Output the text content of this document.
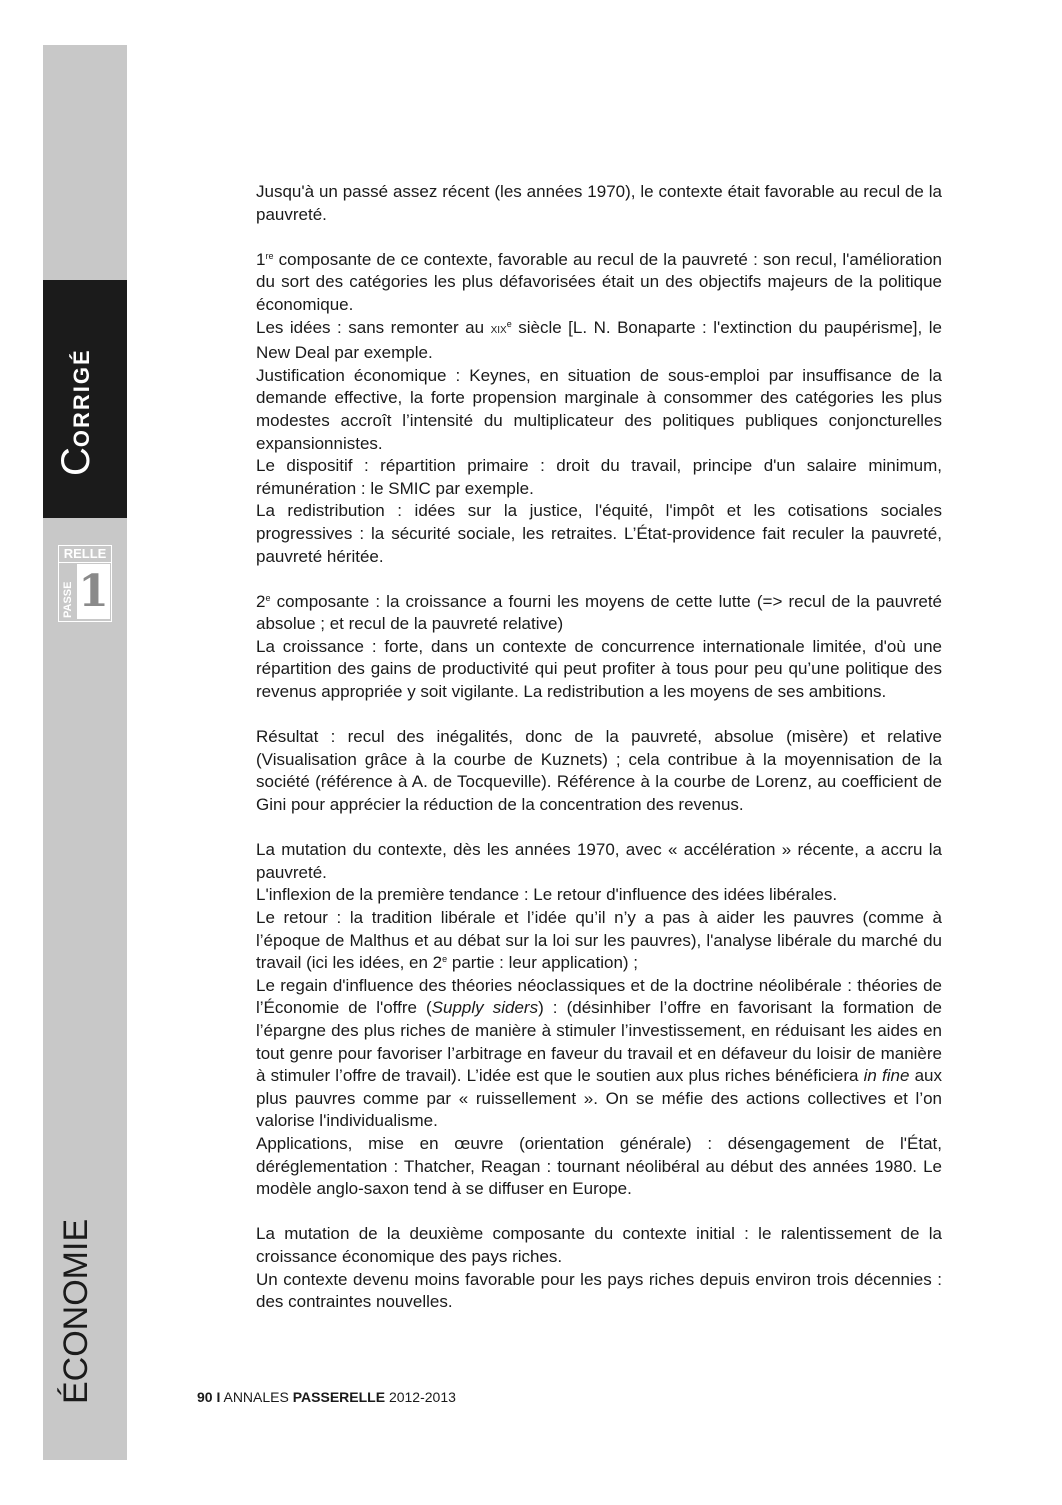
CORRIGÉ
RELLE
PASSE 1
ÉCONOMIE

Jusqu'à un passé assez récent (les années 1970), le contexte était favorable au recul de la pauvreté.

1re composante de ce contexte, favorable au recul de la pauvreté : son recul, l'amélioration du sort des catégories les plus défavorisées était un des objectifs majeurs de la politique économique.

Les idées : sans remonter au XIXe siècle [L. N. Bonaparte : l'extinction du paupérisme], le New Deal par exemple.

Justification économique : Keynes, en situation de sous-emploi par insuffisance de la demande effective, la forte propension marginale à consommer des catégories les plus modestes accroît l’intensité du multiplicateur des politiques publiques conjoncturelles expansionnistes.

Le dispositif : répartition primaire : droit du travail, principe d'un salaire minimum, rémunération : le SMIC par exemple.

La redistribution : idées sur la justice, l'équité, l'impôt et les cotisations sociales progressives : la sécurité sociale, les retraites. L’État-providence fait reculer la pauvreté, pauvreté héritée.

2e composante : la croissance a fourni les moyens de cette lutte (=> recul de la pauvreté absolue ; et recul de la pauvreté relative)

La croissance : forte, dans un contexte de concurrence internationale limitée, d'où une répartition des gains de productivité qui peut profiter à tous pour peu qu’une politique des revenus appropriée y soit vigilante. La redistribution a les moyens de ses ambitions.

Résultat : recul des inégalités, donc de la pauvreté, absolue (misère) et relative (Visualisation grâce à la courbe de Kuznets) ; cela contribue à la moyennisation de la société (référence à A. de Tocqueville). Référence à la courbe de Lorenz, au coefficient de Gini pour apprécier la réduction de la concentration des revenus.

La mutation du contexte, dès les années 1970, avec « accélération » récente, a accru la pauvreté.

L'inflexion de la première tendance : Le retour d'influence des idées libérales.

Le retour : la tradition libérale et l’idée qu’il n’y a pas à aider les pauvres (comme à l’époque de Malthus et au débat sur la loi sur les pauvres), l'analyse libérale du marché du travail (ici les idées, en 2e partie : leur application) ;

Le regain d'influence des théories néoclassiques et de la doctrine néolibérale : théories de l’Économie de l'offre (Supply siders) : (désinhiber l’offre en favorisant la formation de l’épargne des plus riches de manière à stimuler l’investissement, en réduisant les aides en tout genre pour favoriser l’arbitrage en faveur du travail et en défaveur du loisir de manière à stimuler l’offre de travail). L’idée est que le soutien aux plus riches bénéficiera in fine aux plus pauvres comme par « ruissellement ». On se méfie des actions collectives et l’on valorise l'individualisme.

Applications, mise en œuvre (orientation générale) : désengagement de l'État, déréglementation : Thatcher, Reagan : tournant néolibéral au début des années 1980. Le modèle anglo-saxon tend à se diffuser en Europe.

La mutation de la deuxième composante du contexte initial : le ralentissement de la croissance économique des pays riches.

Un contexte devenu moins favorable pour les pays riches depuis environ trois décennies : des contraintes nouvelles.

90 I ANNALES PASSERELLE 2012-2013
